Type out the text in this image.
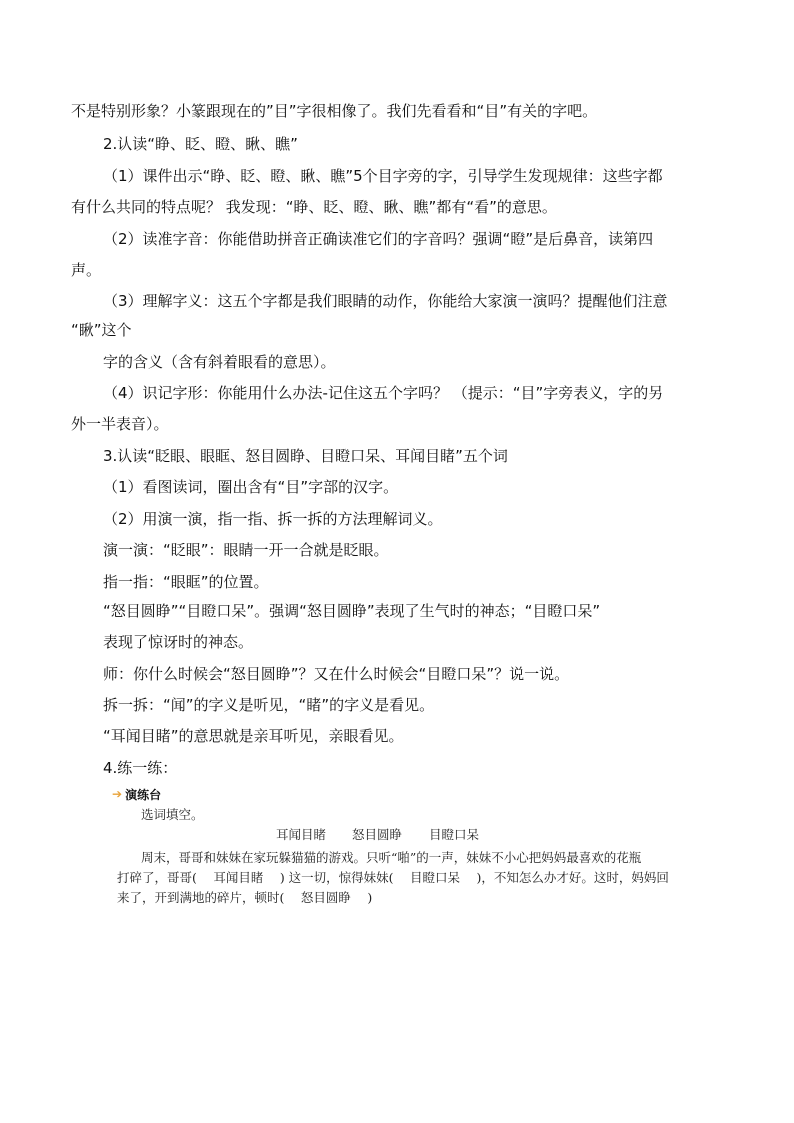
不是特别形象？小篆跟现在的”目”字很相像了。我们先看看和“目”有关的字吧。
2.认读“睁、眨、瞪、瞅、瞧”
（1）课件出示“睁、眨、瞪、瞅、瞧”5个目字旁的字，引导学生发现规律：这些字都
有什么共同的特点呢？ 我发现：“睁、眨、瞪、瞅、瞧”都有“看”的意思。
（2）读准字音：你能借助拼音正确读准它们的字音吗？强调“瞪”是后鼻音，读第四
声。
（3）理解字义：这五个字都是我们眼睛的动作，你能给大家演一演吗？提醒他们注意
“瞅”这个
字的含义（含有斜着眼看的意思）。
（4）识记字形：你能用什么办法-记住这五个字吗？ （提示：“目”字旁表义，字的另
外一半表音）。
3.认读“眨眼、眼眶、怒目圆睁、目瞪口呆、耳闻目睹”五个词
（1）看图读词，圈出含有“目”字部的汉字。
（2）用演一演，指一指、拆一拆的方法理解词义。
演一演：“眨眼”：眼睛一开一合就是眨眼。
指一指：“眼眶”的位置。
“怒目圆睁”“目瞪口呆”。强调“怒目圆睁”表现了生气时的神态；“目瞪口呆”
表现了惊讶时的神态。
师：你什么时候会“怒目圆睁”？又在什么时候会“目瞪口呆”？说一说。
拆一拆：“闻”的字义是听见，“睹”的字义是看见。
“耳闻目睹”的意思就是亲耳听见，亲眼看见。
4.练一练：
➔ 演练台
选词填空。
耳闻目睹 怒目圆睁 目瞪口呆
周末，哥哥和妹妹在家玩躲猫猫的游戏。只听“啪”的一声，妹妹不小心把妈妈最喜欢的花瓶
打碎了，哥哥(　 耳闻目睹 　) 这一切，惊得妹妹(　 目瞪口呆 　)，不知怎么办才好。这时，妈妈回
来了，开到满地的碎片，顿时(　 怒目圆睁 　)
